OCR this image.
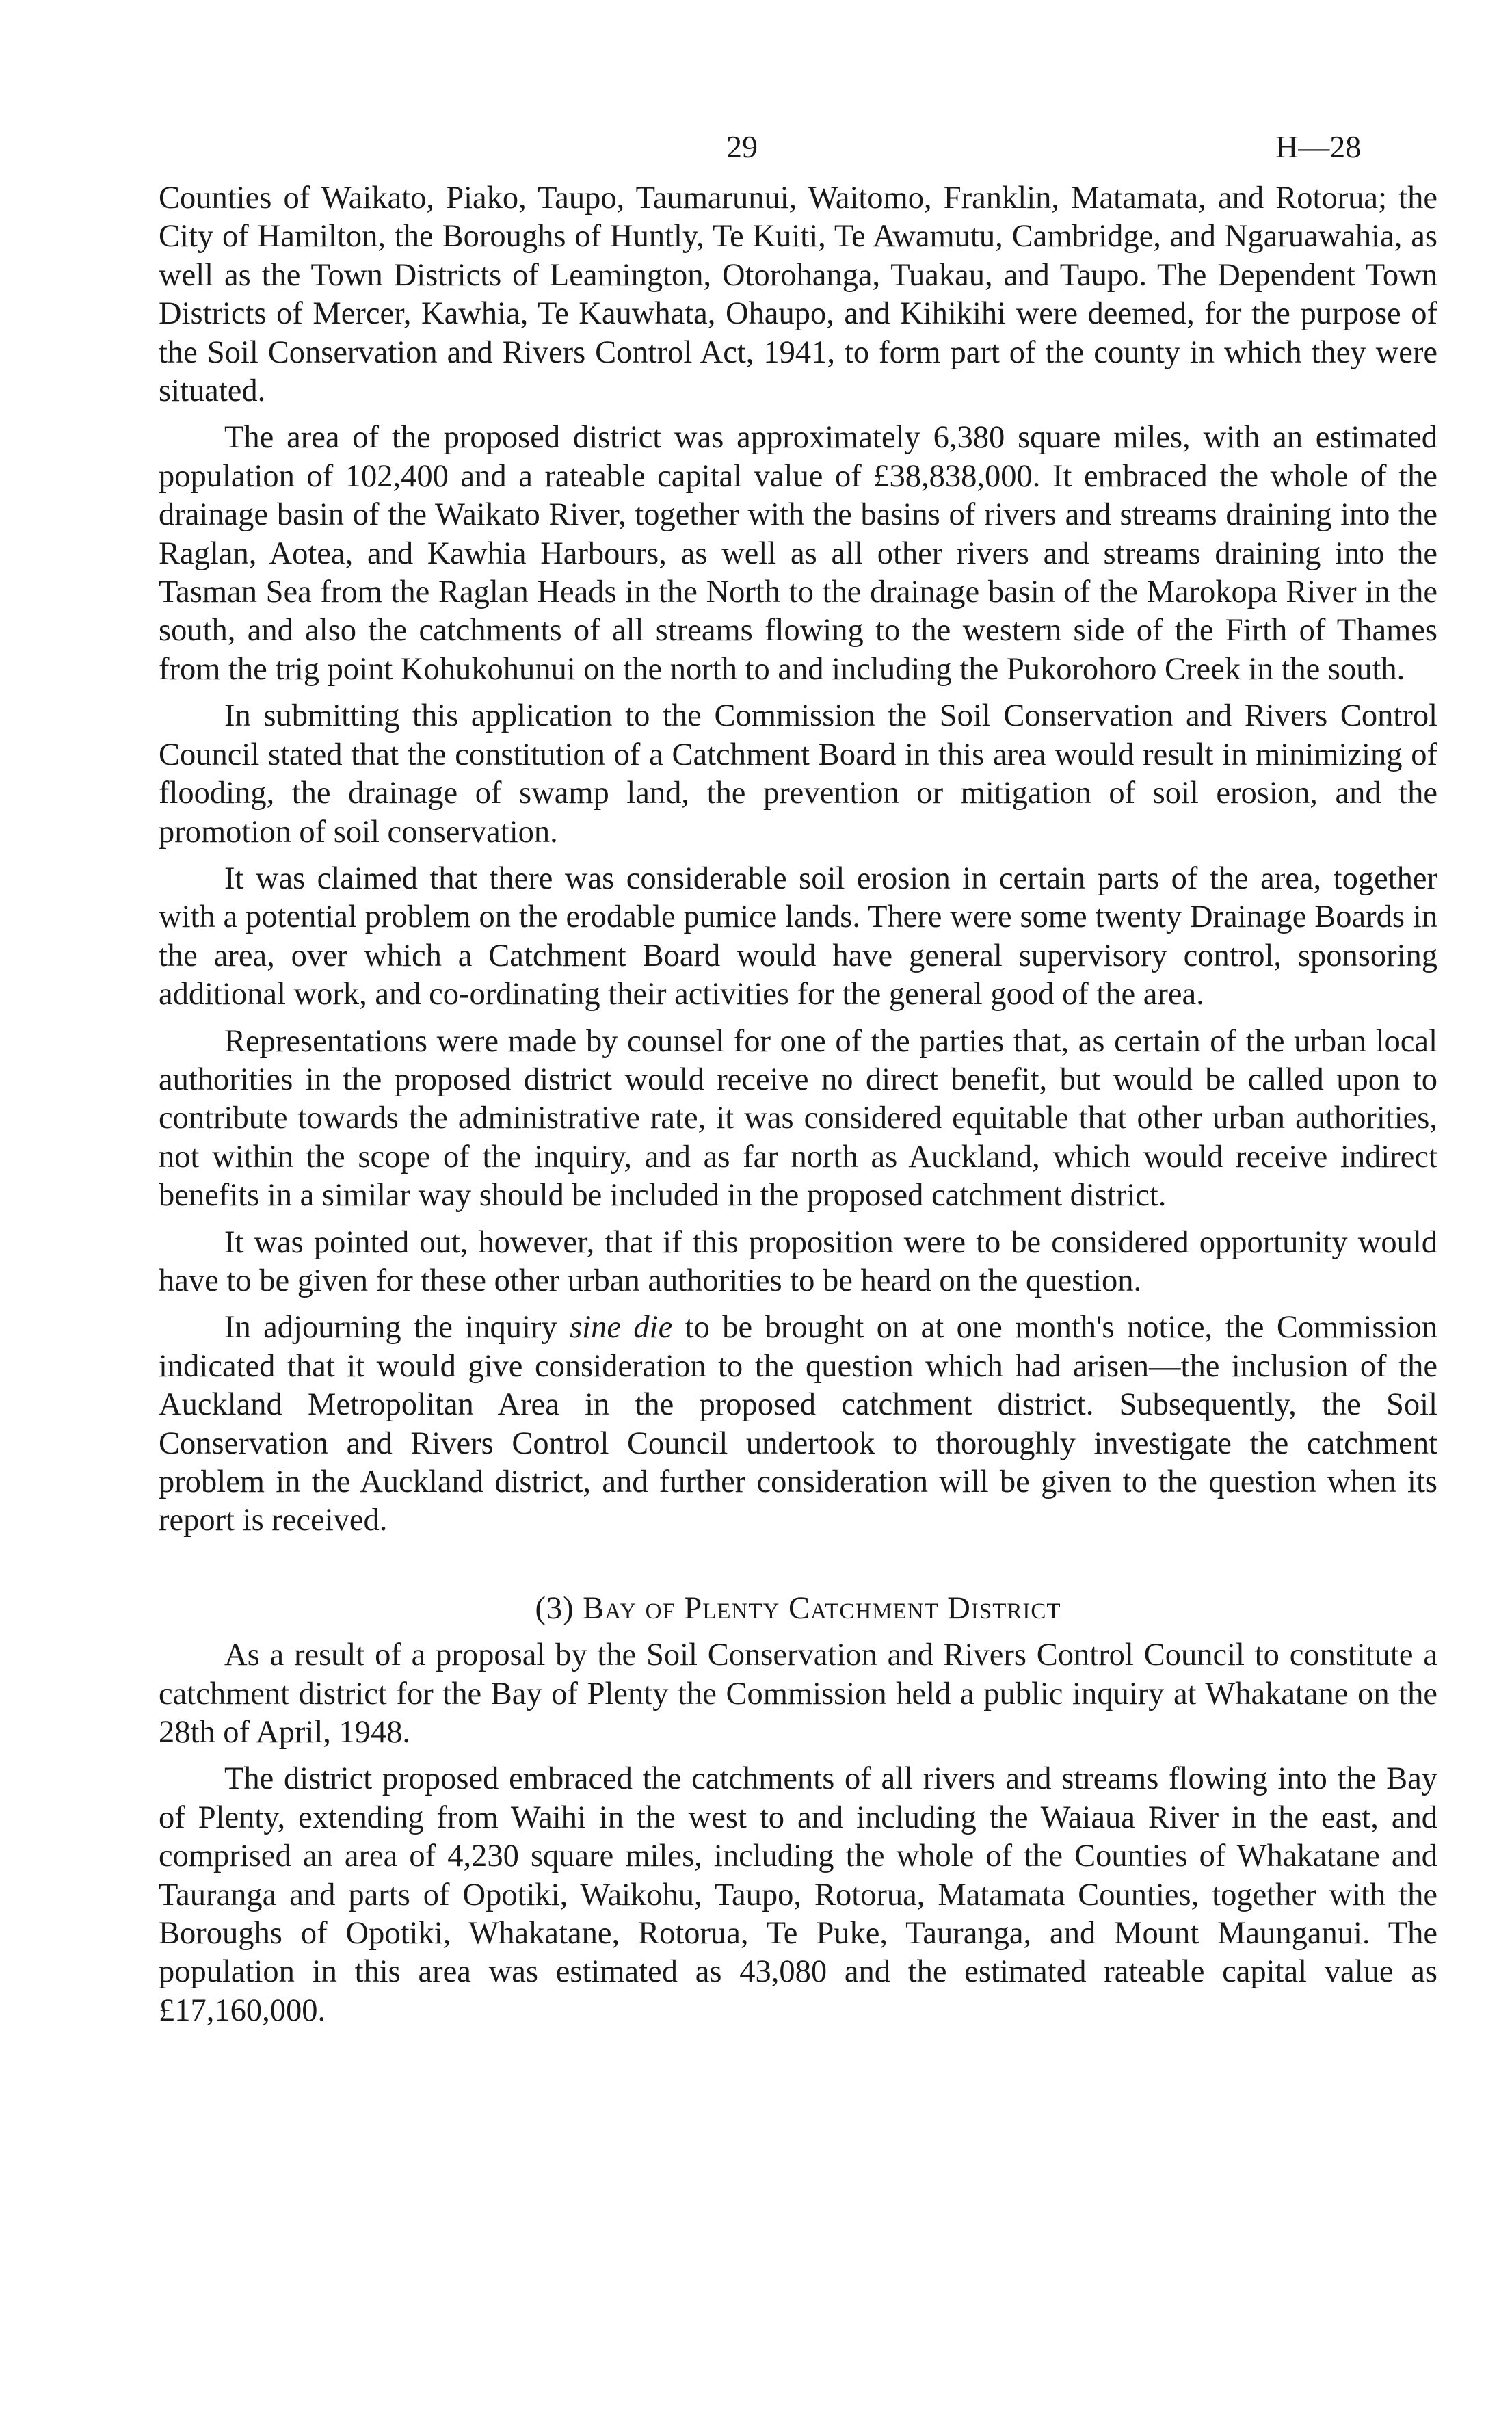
29	H—28

Counties of Waikato, Piako, Taupo, Taumarunui, Waitomo, Franklin, Matamata, and Rotorua; the City of Hamilton, the Boroughs of Huntly, Te Kuiti, Te Awamutu, Cambridge, and Ngaruawahia, as well as the Town Districts of Leamington, Otorohanga, Tuakau, and Taupo. The Dependent Town Districts of Mercer, Kawhia, Te Kauwhata, Ohaupo, and Kihikihi were deemed, for the purpose of the Soil Conservation and Rivers Control Act, 1941, to form part of the county in which they were situated.

The area of the proposed district was approximately 6,380 square miles, with an estimated population of 102,400 and a rateable capital value of £38,838,000. It embraced the whole of the drainage basin of the Waikato River, together with the basins of rivers and streams draining into the Raglan, Aotea, and Kawhia Harbours, as well as all other rivers and streams draining into the Tasman Sea from the Raglan Heads in the North to the drainage basin of the Marokopa River in the south, and also the catchments of all streams flowing to the western side of the Firth of Thames from the trig point Kohukohunui on the north to and including the Pukorohoro Creek in the south.

In submitting this application to the Commission the Soil Conservation and Rivers Control Council stated that the constitution of a Catchment Board in this area would result in minimizing of flooding, the drainage of swamp land, the prevention or mitigation of soil erosion, and the promotion of soil conservation.

It was claimed that there was considerable soil erosion in certain parts of the area, together with a potential problem on the erodable pumice lands. There were some twenty Drainage Boards in the area, over which a Catchment Board would have general supervisory control, sponsoring additional work, and co-ordinating their activities for the general good of the area.

Representations were made by counsel for one of the parties that, as certain of the urban local authorities in the proposed district would receive no direct benefit, but would be called upon to contribute towards the administrative rate, it was considered equitable that other urban authorities, not within the scope of the inquiry, and as far north as Auckland, which would receive indirect benefits in a similar way should be included in the proposed catchment district.

It was pointed out, however, that if this proposition were to be considered opportunity would have to be given for these other urban authorities to be heard on the question.

In adjourning the inquiry sine die to be brought on at one month's notice, the Commission indicated that it would give consideration to the question which had arisen—the inclusion of the Auckland Metropolitan Area in the proposed catchment district. Subsequently, the Soil Conservation and Rivers Control Council undertook to thoroughly investigate the catchment problem in the Auckland district, and further consideration will be given to the question when its report is received.

(3) Bay of Plenty Catchment District

As a result of a proposal by the Soil Conservation and Rivers Control Council to constitute a catchment district for the Bay of Plenty the Commission held a public inquiry at Whakatane on the 28th of April, 1948.

The district proposed embraced the catchments of all rivers and streams flowing into the Bay of Plenty, extending from Waihi in the west to and including the Waiaua River in the east, and comprised an area of 4,230 square miles, including the whole of the Counties of Whakatane and Tauranga and parts of Opotiki, Waikohu, Taupo, Rotorua, Matamata Counties, together with the Boroughs of Opotiki, Whakatane, Rotorua, Te Puke, Tauranga, and Mount Maunganui. The population in this area was estimated as 43,080 and the estimated rateable capital value as £17,160,000.
